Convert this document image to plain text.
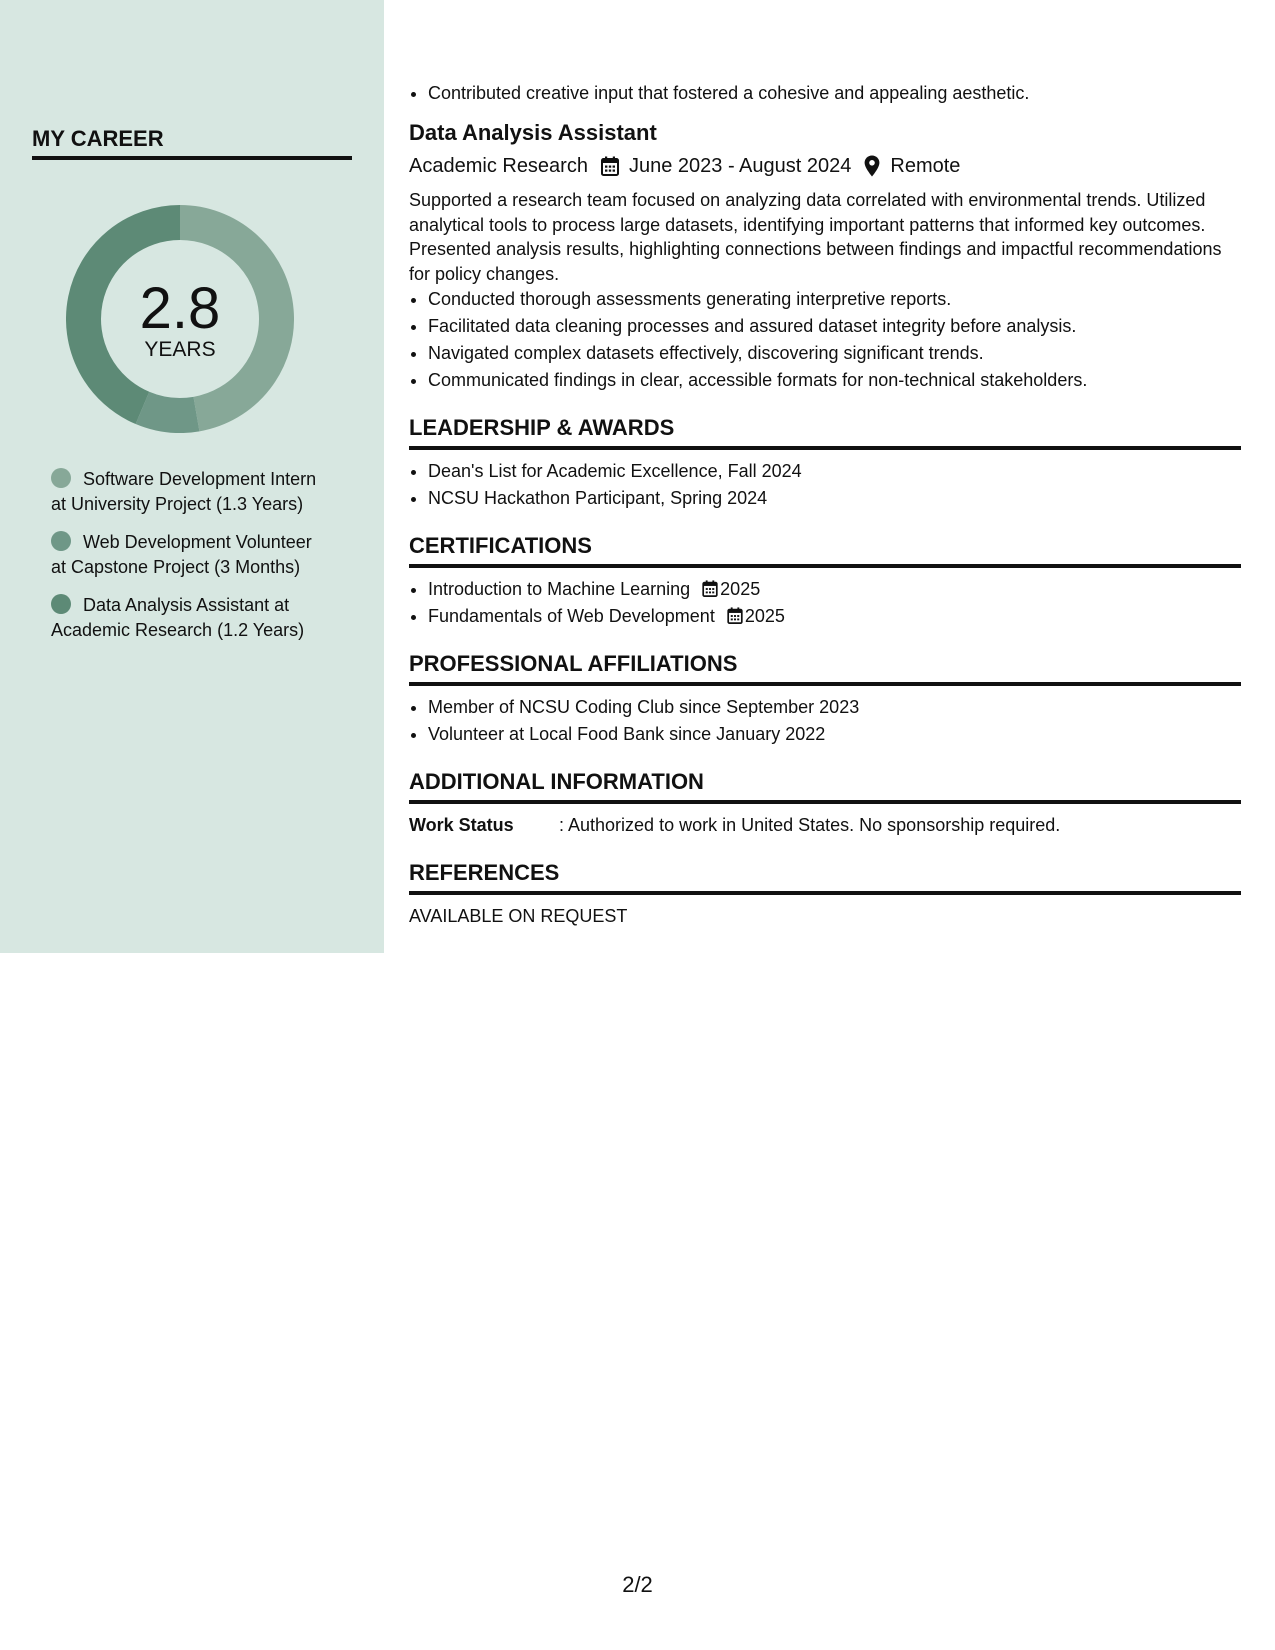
MY CAREER
2.8
YEARS
Software Development Intern at University Project (1.3 Years)
Web Development Volunteer at Capstone Project (3 Months)
Data Analysis Assistant at Academic Research (1.2 Years)
• Contributed creative input that fostered a cohesive and appealing aesthetic.
Data Analysis Assistant
Academic Research June 2023 - August 2024 Remote
Supported a research team focused on analyzing data correlated with environmental trends. Utilized analytical tools to process large datasets, identifying important patterns that informed key outcomes. Presented analysis results, highlighting connections between findings and impactful recommendations for policy changes.
• Conducted thorough assessments generating interpretive reports.
• Facilitated data cleaning processes and assured dataset integrity before analysis.
• Navigated complex datasets effectively, discovering significant trends.
• Communicated findings in clear, accessible formats for non-technical stakeholders.
LEADERSHIP & AWARDS
• Dean's List for Academic Excellence, Fall 2024
• NCSU Hackathon Participant, Spring 2024
CERTIFICATIONS
• Introduction to Machine Learning 2025
• Fundamentals of Web Development 2025
PROFESSIONAL AFFILIATIONS
• Member of NCSU Coding Club since September 2023
• Volunteer at Local Food Bank since January 2022
ADDITIONAL INFORMATION
Work Status	: Authorized to work in United States. No sponsorship required.
REFERENCES
AVAILABLE ON REQUEST
2/2
